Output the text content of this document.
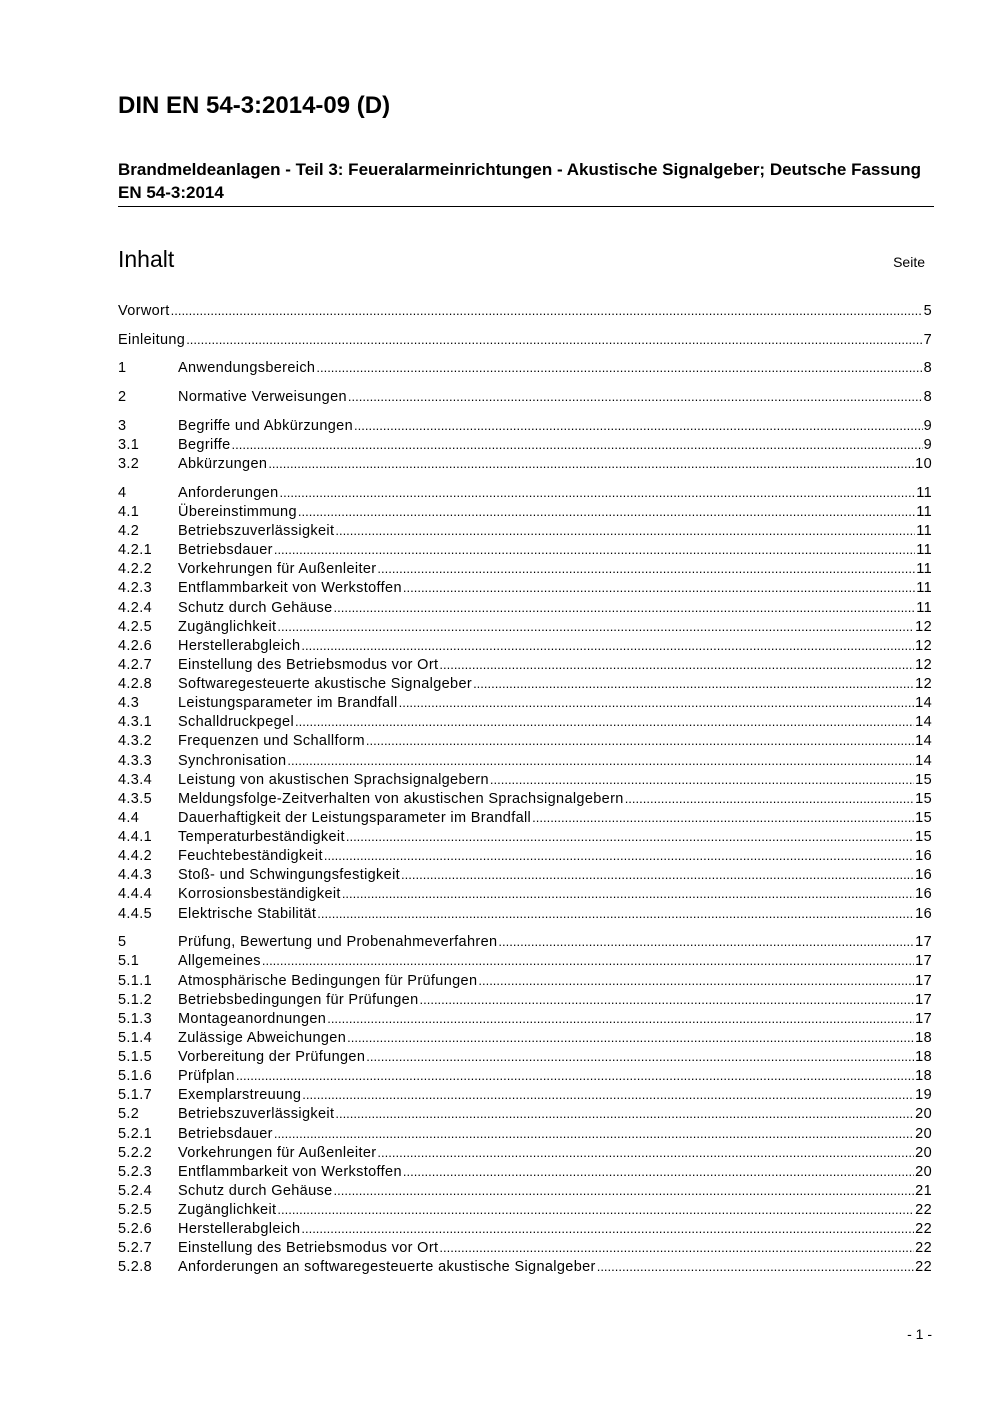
DIN EN 54-3:2014-09 (D)
Brandmeldeanlagen - Teil 3: Feueralarmeinrichtungen - Akustische Signalgeber; Deutsche Fassung EN 54-3:2014
Inhalt	Seite
Vorwort .....	5
Einleitung .....	7
1	Anwendungsbereich .....	8
2	Normative Verweisungen .....	8
3	Begriffe und Abkürzungen .....	9
3.1	Begriffe .....	9
3.2	Abkürzungen .....	10
4	Anforderungen .....	11
4.1	Übereinstimmung .....	11
4.2	Betriebszuverlässigkeit .....	11
4.2.1	Betriebsdauer .....	11
4.2.2	Vorkehrungen für Außenleiter .....	11
4.2.3	Entflammbarkeit von Werkstoffen .....	11
4.2.4	Schutz durch Gehäuse .....	11
4.2.5	Zugänglichkeit .....	12
4.2.6	Herstellerabgleich .....	12
4.2.7	Einstellung des Betriebsmodus vor Ort .....	12
4.2.8	Softwaregesteuerte akustische Signalgeber .....	12
4.3	Leistungsparameter im Brandfall .....	14
4.3.1	Schalldruckpegel .....	14
4.3.2	Frequenzen und Schallform .....	14
4.3.3	Synchronisation .....	14
4.3.4	Leistung von akustischen Sprachsignalgebern .....	15
4.3.5	Meldungsfolge-Zeitverhalten von akustischen Sprachsignalgebern .....	15
4.4	Dauerhaftigkeit der Leistungsparameter im Brandfall .....	15
4.4.1	Temperaturbeständigkeit .....	15
4.4.2	Feuchtebeständigkeit .....	16
4.4.3	Stoß- und Schwingungsfestigkeit .....	16
4.4.4	Korrosionsbeständigkeit .....	16
4.4.5	Elektrische Stabilität .....	16
5	Prüfung, Bewertung und Probenahmeverfahren .....	17
5.1	Allgemeines .....	17
5.1.1	Atmosphärische Bedingungen für Prüfungen .....	17
5.1.2	Betriebsbedingungen für Prüfungen .....	17
5.1.3	Montageanordnungen .....	17
5.1.4	Zulässige Abweichungen .....	18
5.1.5	Vorbereitung der Prüfungen .....	18
5.1.6	Prüfplan .....	18
5.1.7	Exemplarstreuung .....	19
5.2	Betriebszuverlässigkeit .....	20
5.2.1	Betriebsdauer .....	20
5.2.2	Vorkehrungen für Außenleiter .....	20
5.2.3	Entflammbarkeit von Werkstoffen .....	20
5.2.4	Schutz durch Gehäuse .....	21
5.2.5	Zugänglichkeit .....	22
5.2.6	Herstellerabgleich .....	22
5.2.7	Einstellung des Betriebsmodus vor Ort .....	22
5.2.8	Anforderungen an softwaregesteuerte akustische Signalgeber .....	22
- 1 -
